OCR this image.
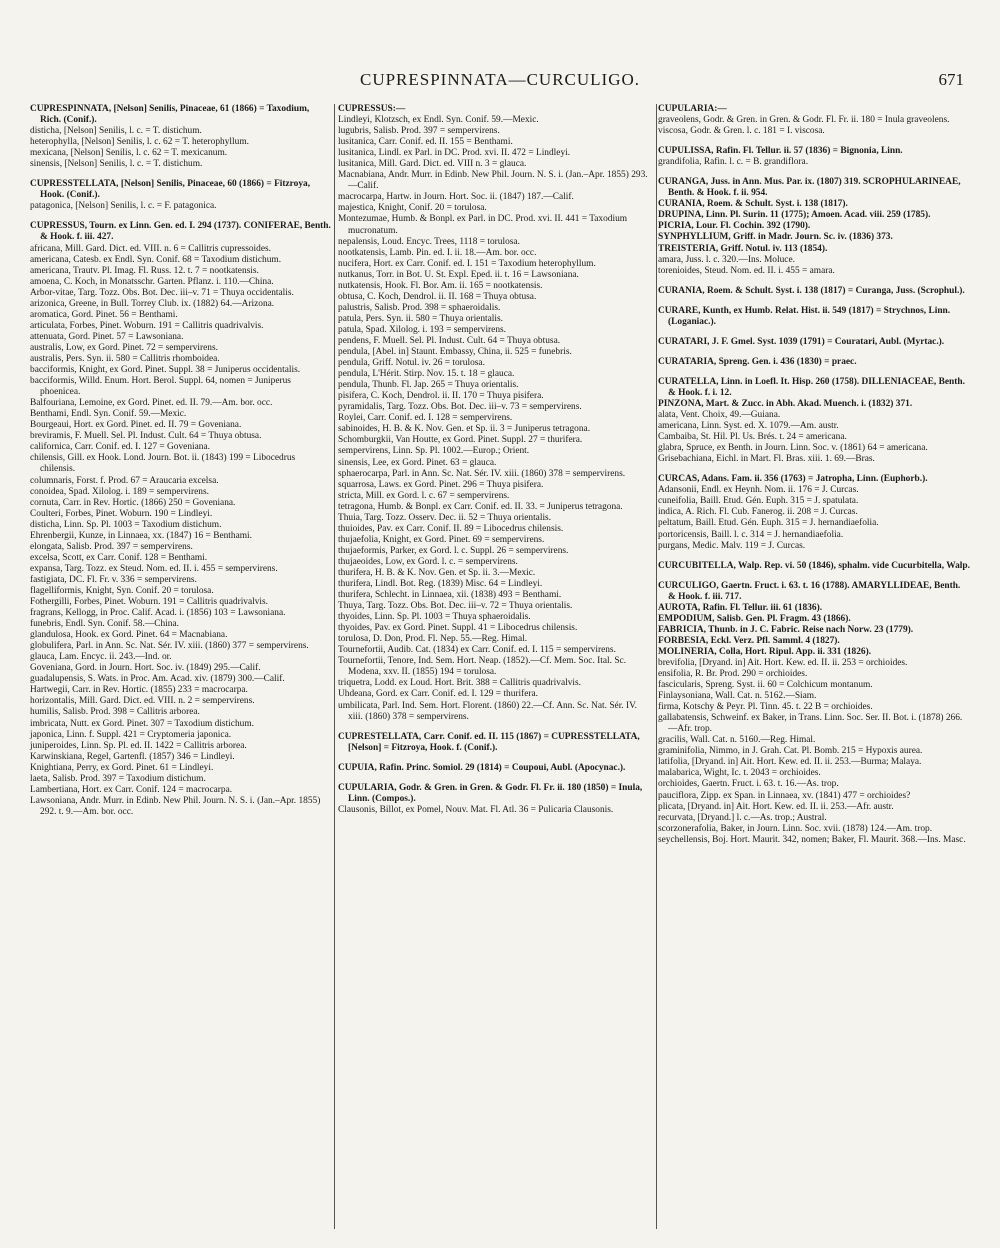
CUPRESPINNATA—CURCULIGO.	671
CUPRESPINNATA, [Nelson] Senilis, Pinaceae, 61 (1866) = Taxodium, Rich. (Conif.).
disticha, [Nelson] Senilis, l. c. = T. distichum.
heterophylla, [Nelson] Senilis, l. c. 62 = T. heterophyllum.
mexicana, [Nelson] Senilis, l. c. 62 = T. mexicanum.
sinensis, [Nelson] Senilis, l. c. = T. distichum.
CUPRESSTELLATA, [Nelson] Senilis, Pinaceae, 60 (1866) = Fitzroya, Hook. (Conif.).
patagonica, [Nelson] Senilis, l. c. = F. patagonica.
CUPRESSUS, Tourn. ex Linn. Gen. ed. I. 294 (1737). CONIFERAE, Benth. & Hook. f. iii. 427.
africana, Mill. Gard. Dict. ed. VIII. n. 6 = Callitris cupressoides.
americana, Catesb. ex Endl. Syn. Conif. 68 = Taxodium distichum.
americana, Trautv. Pl. Imag. Fl. Russ. 12. t. 7 = nootkatensis.
amoena, C. Koch, in Monatsschr. Garten. Pflanz. i. 110.—China.
Arbor-vitae, Targ. Tozz. Obs. Bot. Dec. iii–v. 71 = Thuya occidentalis.
arizonica, Greene, in Bull. Torrey Club. ix. (1882) 64.—Arizona.
aromatica, Gord. Pinet. 56 = Benthami.
articulata, Forbes, Pinet. Woburn. 191 = Callitris quadrivalvis.
attenuata, Gord. Pinet. 57 = Lawsoniana.
australis, Low, ex Gord. Pinet. 72 = sempervirens.
australis, Pers. Syn. ii. 580 = Callitris rhomboidea.
bacciformis, Knight, ex Gord. Pinet. Suppl. 38 = Juniperus occidentalis.
bacciformis, Willd. Enum. Hort. Berol. Suppl. 64, nomen = Juniperus phoenicea.
Balfouriana, Lemoine, ex Gord. Pinet. ed. II. 79.—Am. bor. occ.
Benthami, Endl. Syn. Conif. 59.—Mexic.
Bourgeaui, Hort. ex Gord. Pinet. ed. II. 79 = Goveniana.
breviramis, F. Muell. Sel. Pl. Indust. Cult. 64 = Thuya obtusa.
californica, Carr. Conif. ed. I. 127 = Goveniana.
chilensis, Gill. ex Hook. Lond. Journ. Bot. ii. (1843) 199 = Libocedrus chilensis.
columnaris, Forst. f. Prod. 67 = Araucaria excelsa.
conoidea, Spad. Xilolog. i. 189 = sempervirens.
cornuta, Carr. in Rev. Hortic. (1866) 250 = Goveniana.
Coulteri, Forbes, Pinet. Woburn. 190 = Lindleyi.
disticha, Linn. Sp. Pl. 1003 = Taxodium distichum.
Ehrenbergii, Kunze, in Linnaea, xx. (1847) 16 = Benthami.
elongata, Salisb. Prod. 397 = sempervirens.
excelsa, Scott, ex Carr. Conif. 128 = Benthami.
expansa, Targ. Tozz. ex Steud. Nom. ed. II. i. 455 = sempervirens.
fastigiata, DC. Fl. Fr. v. 336 = sempervirens.
flagelliformis, Knight, Syn. Conif. 20 = torulosa.
Fothergilli, Forbes, Pinet. Woburn. 191 = Callitris quadrivalvis.
fragrans, Kellogg, in Proc. Calif. Acad. i. (1856) 103 = Lawsoniana.
funebris, Endl. Syn. Conif. 58.—China.
glandulosa, Hook. ex Gord. Pinet. 64 = Macnabiana.
globulifera, Parl. in Ann. Sc. Nat. Sér. IV. xiii. (1860) 377 = sempervirens.
glauca, Lam. Encyc. ii. 243.—Ind. or.
Goveniana, Gord. in Journ. Hort. Soc. iv. (1849) 295.—Calif.
guadalupensis, S. Wats. in Proc. Am. Acad. xiv. (1879) 300.—Calif.
Hartwegii, Carr. in Rev. Hortic. (1855) 233 = macrocarpa.
horizontalis, Mill. Gard. Dict. ed. VIII. n. 2 = sempervirens.
humilis, Salisb. Prod. 398 = Callitris arborea.
imbricata, Nutt. ex Gord. Pinet. 307 = Taxodium distichum.
japonica, Linn. f. Suppl. 421 = Cryptomeria japonica.
juniperoides, Linn. Sp. Pl. ed. II. 1422 = Callitris arborea.
Karwinskiana, Regel, Gartenfl. (1857) 346 = Lindleyi.
Knightiana, Perry, ex Gord. Pinet. 61 = Lindleyi.
laeta, Salisb. Prod. 397 = Taxodium distichum.
Lambertiana, Hort. ex Carr. Conif. 124 = macrocarpa.
Lawsoniana, Andr. Murr. in Edinb. New Phil. Journ. N. S. i. (Jan.–Apr. 1855) 292. t. 9.—Am. bor. occ.
CUPRESSUS:—
Lindleyi, Klotzsch, ex Endl. Syn. Conif. 59.—Mexic.
lugubris, Salisb. Prod. 397 = sempervirens.
lusitanica, Carr. Conif. ed. II. 155 = Benthami.
lusitanica, Lindl. ex Parl. in DC. Prod. xvi. II. 472 = Lindleyi.
lusitanica, Mill. Gard. Dict. ed. VIII n. 3 = glauca.
Macnabiana, Andr. Murr. in Edinb. New Phil. Journ. N. S. i. (Jan.–Apr. 1855) 293.—Calif.
macrocarpa, Hartw. in Journ. Hort. Soc. ii. (1847) 187.—Calif.
majestica, Knight, Conif. 20 = torulosa.
Montezumae, Humb. & Bonpl. ex Parl. in DC. Prod. xvi. II. 441 = Taxodium mucronatum.
nepalensis, Loud. Encyc. Trees, 1118 = torulosa.
nootkatensis, Lamb. Pin. ed. I. ii. 18.—Am. bor. occ.
nucifera, Hort. ex Carr. Conif. ed. I. 151 = Taxodium heterophyllum.
nutkanus, Torr. in Bot. U. St. Expl. Eped. ii. t. 16 = Lawsoniana.
nutkatensis, Hook. Fl. Bor. Am. ii. 165 = nootkatensis.
obtusa, C. Koch, Dendrol. ii. II. 168 = Thuya obtusa.
palustris, Salisb. Prod. 398 = sphaeroidalis.
patula, Pers. Syn. ii. 580 = Thuya orientalis.
patula, Spad. Xilolog. i. 193 = sempervirens.
pendens, F. Muell. Sel. Pl. Indust. Cult. 64 = Thuya obtusa.
pendula, [Abel. in] Staunt. Embassy, China, ii. 525 = funebris.
pendula, Griff. Notul. iv. 26 = torulosa.
pendula, L'Hérit. Stirp. Nov. 15. t. 18 = glauca.
pendula, Thunb. Fl. Jap. 265 = Thuya orientalis.
pisifera, C. Koch, Dendrol. ii. II. 170 = Thuya pisifera.
pyramidalis, Targ. Tozz. Obs. Bot. Dec. iii–v. 73 = sempervirens.
Roylei, Carr. Conif. ed. I. 128 = sempervirens.
sabinoides, H. B. & K. Nov. Gen. et Sp. ii. 3 = Juniperus tetragona.
Schomburgkii, Van Houtte, ex Gord. Pinet. Suppl. 27 = thurifera.
sempervirens, Linn. Sp. Pl. 1002.—Europ.; Orient.
sinensis, Lee, ex Gord. Pinet. 63 = glauca.
sphaerocarpa, Parl. in Ann. Sc. Nat. Sér. IV. xiii. (1860) 378 = sempervirens.
squarrosa, Laws. ex Gord. Pinet. 296 = Thuya pisifera.
stricta, Mill. ex Gord. l. c. 67 = sempervirens.
tetragona, Humb. & Bonpl. ex Carr. Conif. ed. II. 33. = Juniperus tetragona.
Thuia, Targ. Tozz. Osserv. Dec. ii. 52 = Thuya orientalis.
thuioides, Pav. ex Carr. Conif. II. 89 = Libocedrus chilensis.
thujaefolia, Knight, ex Gord. Pinet. 69 = sempervirens.
thujaeformis, Parker, ex Gord. l. c. Suppl. 26 = sempervirens.
thujaeoides, Low, ex Gord. l. c. = sempervirens.
thurifera, H. B. & K. Nov. Gen. et Sp. ii. 3.—Mexic.
thurifera, Lindl. Bot. Reg. (1839) Misc. 64 = Lindleyi.
thurifera, Schlecht. in Linnaea, xii. (1838) 493 = Benthami.
Thuya, Targ. Tozz. Obs. Bot. Dec. iii–v. 72 = Thuya orientalis.
thyoides, Linn. Sp. Pl. 1003 = Thuya sphaeroidalis.
thyoides, Pav. ex Gord. Pinet. Suppl. 41 = Libocedrus chilensis.
torulosa, D. Don, Prod. Fl. Nep. 55.—Reg. Himal.
Tournefortii, Audib. Cat. (1834) ex Carr. Conif. ed. I. 115 = sempervirens.
Tournefortii, Tenore, Ind. Sem. Hort. Neap. (1852).—Cf. Mem. Soc. Ital. Sc. Modena, xxv. II. (1855) 194 = torulosa.
triquetra, Lodd. ex Loud. Hort. Brit. 388 = Callitris quadrivalvis.
Uhdeana, Gord. ex Carr. Conif. ed. I. 129 = thurifera.
umbilicata, Parl. Ind. Sem. Hort. Florent. (1860) 22.—Cf. Ann. Sc. Nat. Sér. IV. xiii. (1860) 378 = sempervirens.
CUPRESTELLATA, Carr. Conif. ed. II. 115 (1867) = CUPRESSTELLATA, [Nelson] = Fitzroya, Hook. f. (Conif.).
CUPUIA, Rafin. Princ. Somiol. 29 (1814) = Coupoui, Aubl. (Apocynac.).
CUPULARIA, Godr. & Gren. in Gren. & Godr. Fl. Fr. ii. 180 (1850) = Inula, Linn. (Compos.).
Clausonis, Billot, ex Pomel, Nouv. Mat. Fl. Atl. 36 = Pulicaria Clausonis.
CUPULARIA:—
graveolens, Godr. & Gren. in Gren. & Godr. Fl. Fr. ii. 180 = Inula graveolens.
viscosa, Godr. & Gren. l. c. 181 = I. viscosa.
CUPULISSA, Rafin. Fl. Tellur. ii. 57 (1836) = Bignonia, Linn.
grandifolia, Rafin. l. c. = B. grandiflora.
CURANGA, Juss. in Ann. Mus. Par. ix. (1807) 319. SCROPHULARINEAE, Benth. & Hook. f. ii. 954.
CURANIA, Roem. & Schult. Syst. i. 138 (1817).
DRUPINA, Linn. Pl. Surin. 11 (1775); Amoen. Acad. viii. 259 (1785).
PICRIA, Lour. Fl. Cochin. 392 (1790).
SYNPHYLLIUM, Griff. in Madr. Journ. Sc. iv. (1836) 373.
TREISTERIA, Griff. Notul. iv. 113 (1854).
amara, Juss. l. c. 320.—Ins. Moluce.
torenioides, Steud. Nom. ed. II. i. 455 = amara.
CURANIA, Roem. & Schult. Syst. i. 138 (1817) = Curanga, Juss. (Scrophul.).
CURARE, Kunth, ex Humb. Relat. Hist. ii. 549 (1817) = Strychnos, Linn. (Loganiac.).
CURATARI, J. F. Gmel. Syst. 1039 (1791) = Couratari, Aubl. (Myrtac.).
CURATARIA, Spreng. Gen. i. 436 (1830) = praec.
CURATELLA, Linn. in Loefl. It. Hisp. 260 (1758). DILLENIACEAE, Benth. & Hook. f. i. 12.
PINZONA, Mart. & Zucc. in Abh. Akad. Muench. i. (1832) 371.
alata, Vent. Choix, 49.—Guiana.
americana, Linn. Syst. ed. X. 1079.—Am. austr.
Cambaiba, St. Hil. Pl. Us. Brés. t. 24 = americana.
glabra, Spruce, ex Benth. in Journ. Linn. Soc. v. (1861) 64 = americana.
Grisebachiana, Eichl. in Mart. Fl. Bras. xiii. 1. 69.—Bras.
CURCAS, Adans. Fam. ii. 356 (1763) = Jatropha, Linn. (Euphorb.).
Adansonii, Endl. ex Heynh. Nom. ii. 176 = J. Curcas.
cuneifolia, Baill. Etud. Gén. Euph. 315 = J. spatulata.
indica, A. Rich. Fl. Cub. Fanerog. ii. 208 = J. Curcas.
peltatum, Baill. Etud. Gén. Euph. 315 = J. hernandiaefolia.
portoricensis, Baill. l. c. 314 = J. hernandiaefolia.
purgans, Medic. Malv. 119 = J. Curcas.
CURCUBITELLA, Walp. Rep. vi. 50 (1846), sphalm. vide Cucurbitella, Walp.
CURCULIGO, Gaertn. Fruct. i. 63. t. 16 (1788). AMARYLLIDEAE, Benth. & Hook. f. iii. 717.
AUROTA, Rafin. Fl. Tellur. iii. 61 (1836).
EMPODIUM, Salisb. Gen. Pl. Fragm. 43 (1866).
FABRICIA, Thunb. in J. C. Fabric. Reise nach Norw. 23 (1779).
FORBESIA, Eckl. Verz. Pfl. Samml. 4 (1827).
MOLINERIA, Colla, Hort. Ripul. App. ii. 331 (1826).
brevifolia, [Dryand. in] Ait. Hort. Kew. ed. II. ii. 253 = orchioides.
ensifolia, R. Br. Prod. 290 = orchioides.
fascicularis, Spreng. Syst. ii. 60 = Colchicum montanum.
Finlaysoniana, Wall. Cat. n. 5162.—Siam.
firma, Kotschy & Peyr. Pl. Tinn. 45. t. 22 B = orchioides.
gallabatensis, Schweinf. ex Baker, in Trans. Linn. Soc. Ser. II. Bot. i. (1878) 266.—Afr. trop.
gracilis, Wall. Cat. n. 5160.—Reg. Himal.
graminifolia, Nimmo, in J. Grah. Cat. Pl. Bomb. 215 = Hypoxis aurea.
latifolia, [Dryand. in] Ait. Hort. Kew. ed. II. ii. 253.—Burma; Malaya.
malabarica, Wight, Ic. t. 2043 = orchioides.
orchioides, Gaertn. Fruct. i. 63. t. 16.—As. trop.
pauciflora, Zipp. ex Span. in Linnaea, xv. (1841) 477 = orchioides?
plicata, [Dryand. in] Ait. Hort. Kew. ed. II. ii. 253.—Afr. austr.
recurvata, [Dryand.] l. c.—As. trop.; Austral.
scorzonerafolia, Baker, in Journ. Linn. Soc. xvii. (1878) 124.—Am. trop.
seychellensis, Boj. Hort. Maurit. 342, nomen; Baker, Fl. Maurit. 368.—Ins. Masc.
